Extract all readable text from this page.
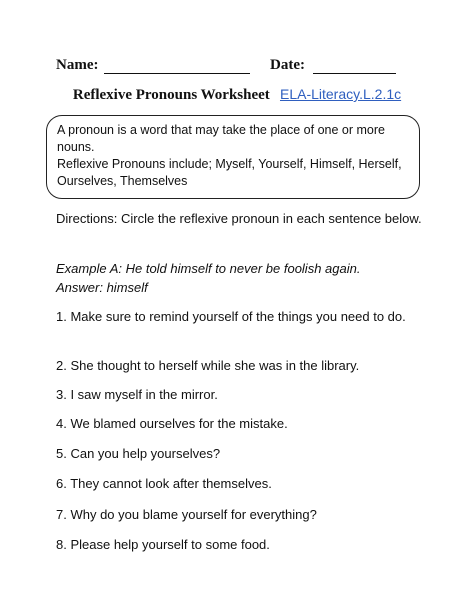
Name:	Date:
Reflexive Pronouns Worksheet ELA-Literacy.L.2.1c
A pronoun is a word that may take the place of one or more nouns.
Reflexive Pronouns include; Myself, Yourself, Himself, Herself, Ourselves, Themselves
Directions: Circle the reflexive pronoun in each sentence below.
Example A: He told himself to never be foolish again.
Answer: himself
1. Make sure to remind yourself of the things you need to do.
2. She thought to herself while she was in the library.
3. I saw myself in the mirror.
4. We blamed ourselves for the mistake.
5. Can you help yourselves?
6. They cannot look after themselves.
7. Why do you blame yourself for everything?
8. Please help yourself to some food.
